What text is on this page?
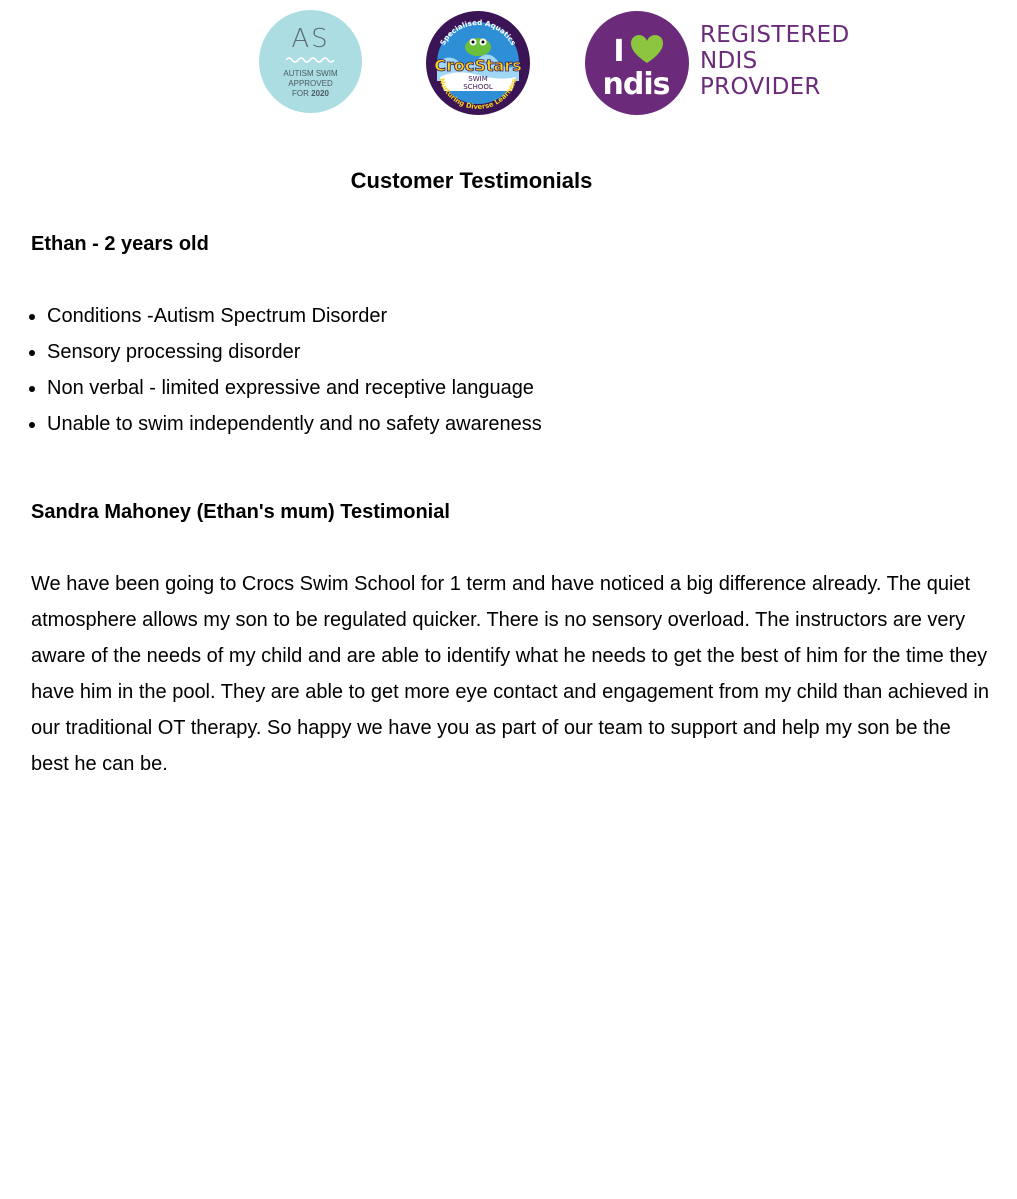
AS
AUTISM SWIM
APPROVED
FOR 2020
Specialised Aquatics
CrocStars
SWIM
SCHOOL
Nurturing Diverse Learners
I
ndis
REGISTERED
NDIS
PROVIDER
Customer Testimonials
Ethan - 2 years old
• Conditions -Autism Spectrum Disorder
• Sensory processing disorder
• Non verbal - limited expressive and receptive language
• Unable to swim independently and no safety awareness
Sandra Mahoney (Ethan's mum) Testimonial

We have been going to Crocs Swim School for 1 term and have noticed a big difference already. The quiet atmosphere allows my son to be regulated quicker. There is no sensory overload. The instructors are very aware of the needs of my child and are able to identify what he needs to get the best of him for the time they have him in the pool. They are able to get more eye contact and engagement from my child than achieved in our traditional OT therapy. So happy we have you as part of our team to support and help my son be the best he can be.
